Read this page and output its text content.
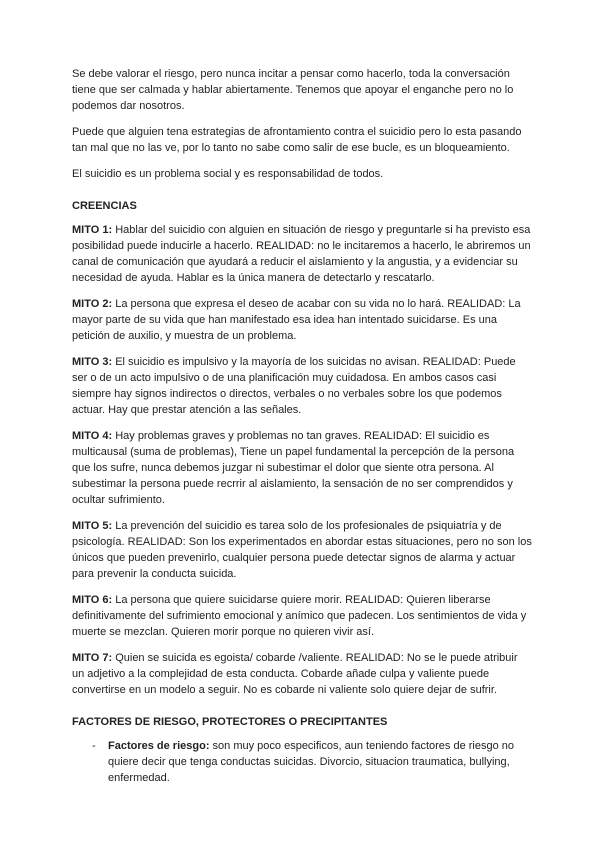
Se debe valorar el riesgo, pero nunca incitar a pensar como hacerlo, toda la conversación tiene que ser calmada y hablar abiertamente. Tenemos que apoyar el enganche pero no lo podemos dar nosotros.

Puede que alguien tena estrategias de afrontamiento contra el suicidio pero lo esta pasando tan mal que no las ve, por lo tanto no sabe como salir de ese bucle, es un bloqueamiento.

El suicidio es un problema social y es responsabilidad de todos.

CREENCIAS

MITO 1: Hablar del suicidio con alguien en situación de riesgo y preguntarle si ha previsto esa posibilidad puede inducirle a hacerlo. REALIDAD: no le incitaremos a hacerlo, le abriremos un canal de comunicación que ayudará a reducir el aislamiento y la angustia, y a evidenciar su necesidad de ayuda. Hablar es la única manera de detectarlo y rescatarlo.

MITO 2: La persona que expresa el deseo de acabar con su vida no lo hará. REALIDAD: La mayor parte de su vida que han manifestado esa idea han intentado suicidarse. Es una petición de auxilio, y muestra de un problema.

MITO 3: El suicidio es impulsivo y la mayoría de los suicidas no avisan. REALIDAD: Puede ser o de un acto impulsivo o de una planificación muy cuidadosa. En ambos casos casi siempre hay signos indirectos o directos, verbales o no verbales sobre los que podemos actuar. Hay que prestar atención a las señales.

MITO 4: Hay problemas graves y problemas no tan graves. REALIDAD: El suicidio es multicausal (suma de problemas), Tiene un papel fundamental la percepción de la persona que los sufre, nunca debemos juzgar ni subestimar el dolor que siente otra persona. Al subestimar la persona puede recrrir al aislamiento, la sensación de no ser comprendidos y ocultar sufrimiento.

MITO 5: La prevención del suicidio es tarea solo de los profesionales de psiquiatría y de psicología. REALIDAD: Son los experimentados en abordar estas situaciones, pero no son los únicos que pueden prevenirlo, cualquier persona puede detectar signos de alarma y actuar para prevenir la conducta suicida.

MITO 6: La persona que quiere suicidarse quiere morir. REALIDAD: Quieren liberarse definitivamente del sufrimiento emocional y anímico que padecen. Los sentimientos de vida y muerte se mezclan. Quieren morir porque no quieren vivir así.

MITO 7: Quien se suicida es egoista/ cobarde /valiente. REALIDAD: No se le puede atribuir un adjetivo a la complejidad de esta conducta. Cobarde añade culpa y valiente puede convertirse en un modelo a seguir. No es cobarde ni valiente solo quiere dejar de sufrir.

FACTORES DE RIESGO, PROTECTORES O PRECIPITANTES
- Factores de riesgo: son muy poco especificos, aun teniendo factores de riesgo no quiere decir que tenga conductas suicidas. Divorcio, situacion traumatica, bullying, enfermedad.
